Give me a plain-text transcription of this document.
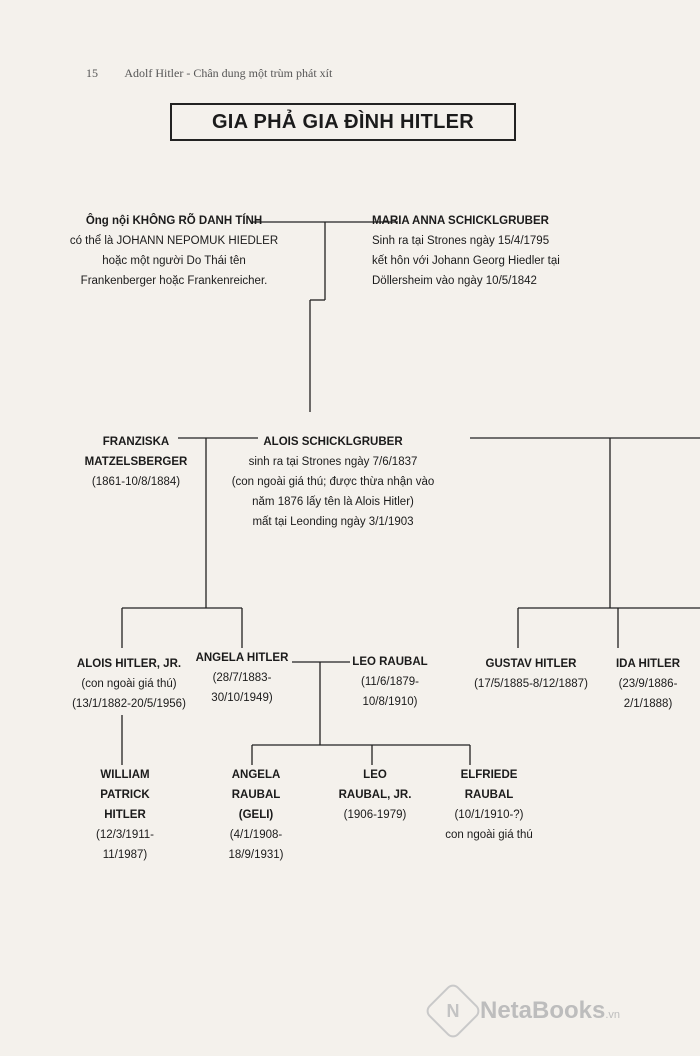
15 Adolf Hitler - Chân dung một trùm phát xít
GIA PHẢ GIA ĐÌNH HITLER
Ông nội KHÔNG RÕ DANH TÍNH
có thể là JOHANN NEPOMUK HIEDLER
hoặc một người Do Thái tên
Frankenberger hoặc Frankenreicher.
MARIA ANNA SCHICKLGRUBER
Sinh ra tại Strones ngày 15/4/1795
kết hôn với Johann Georg Hiedler tại
Döllersheim vào ngày 10/5/1842
FRANZISKA
MATZELSBERGER
(1861-10/8/1884)
ALOIS SCHICKLGRUBER
sinh ra tại Strones ngày 7/6/1837
(con ngoài giá thú; được thừa nhận vào
năm 1876 lấy tên là Alois Hitler)
mất tại Leonding ngày 3/1/1903
ALOIS HITLER, JR.
(con ngoài giá thú)
(13/1/1882-20/5/1956)
ANGELA HITLER
(28/7/1883-
30/10/1949)
LEO RAUBAL
(11/6/1879-
10/8/1910)
GUSTAV HITLER
(17/5/1885-8/12/1887)
IDA HITLER
(23/9/1886-
2/1/1888)
WILLIAM
PATRICK
HITLER
(12/3/1911-
11/1987)
ANGELA
RAUBAL
(GELI)
(4/1/1908-
18/9/1931)
LEO
RAUBAL, JR.
(1906-1979)
ELFRIEDE
RAUBAL
(10/1/1910-?)
con ngoài giá thú
N NetaBooks.vn
